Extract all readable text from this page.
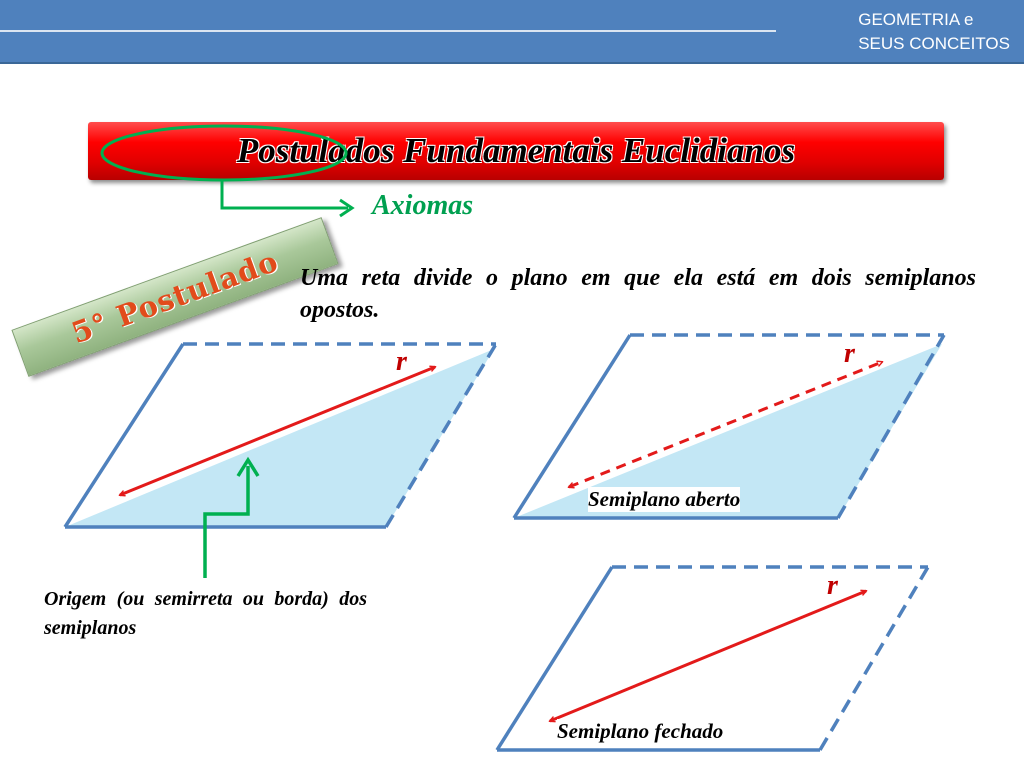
GEOMETRIA e
SEUS CONCEITOS
Postulados Fundamentais Euclidianos
Axiomas
5° Postulado Uma reta divide o plano em que ela está em dois semiplanos opostos.
r	r
r
Semiplano aberto
Semiplano fechado
Origem (ou semirreta ou borda) dos semiplanos
